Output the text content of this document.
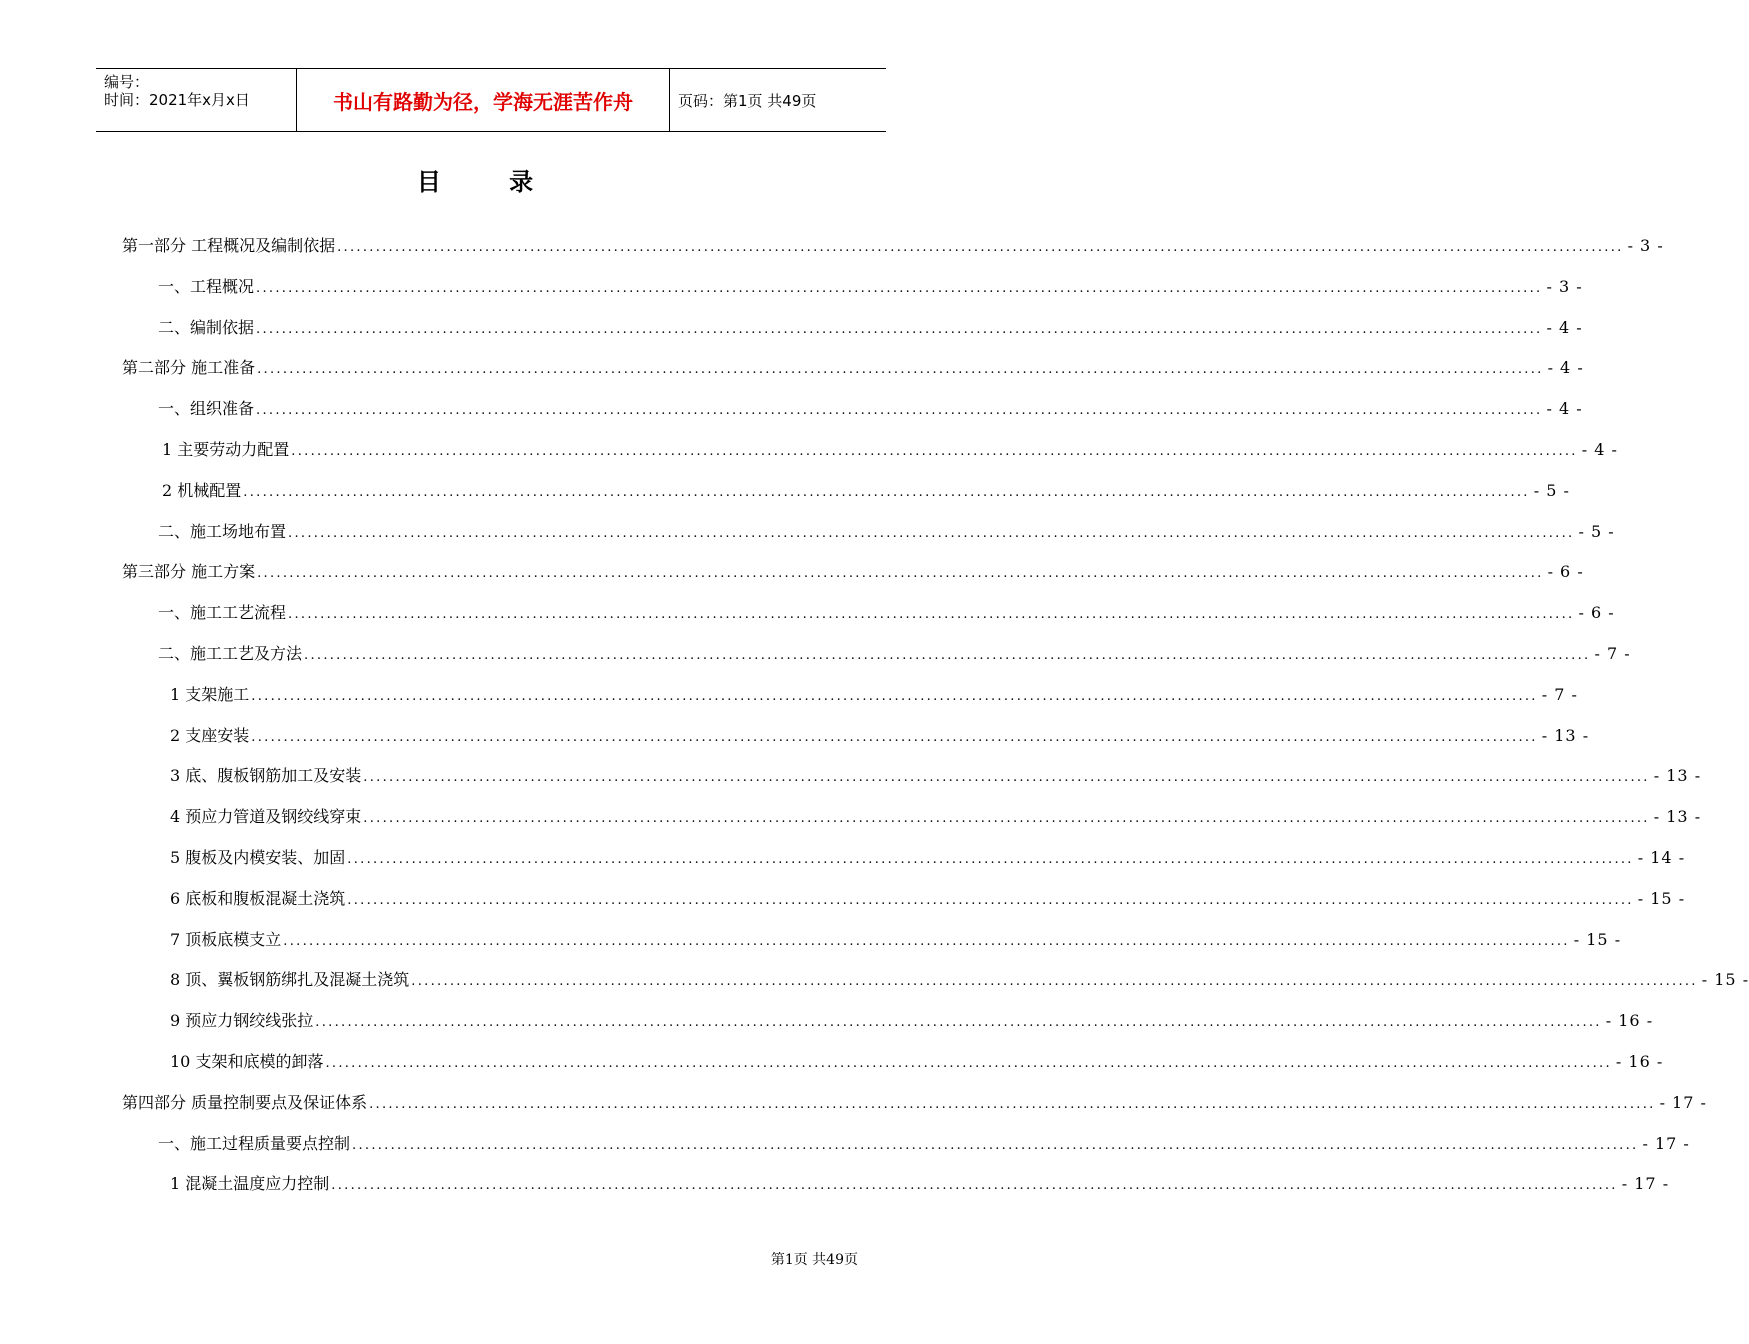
编号：
时间：2021年x月x日	书山有路勤为径，学海无涯苦作舟	页码：第1页 共49页
目 录
第一部分 工程概况及编制依据 ........................................................................................................................................................................................................ - 3 -
一、工程概况 ........................................................................................................................................................................................................ - 3 -
二、编制依据 ........................................................................................................................................................................................................ - 4 -
第二部分 施工准备 ........................................................................................................................................................................................................ - 4 -
一、组织准备 ........................................................................................................................................................................................................ - 4 -
1 主要劳动力配置 ........................................................................................................................................................................................................ - 4 -
2 机械配置 ........................................................................................................................................................................................................ - 5 -
二、施工场地布置 ........................................................................................................................................................................................................ - 5 -
第三部分 施工方案 ........................................................................................................................................................................................................ - 6 -
一、施工工艺流程 ........................................................................................................................................................................................................ - 6 -
二、施工工艺及方法 ........................................................................................................................................................................................................ - 7 -
1 支架施工 ........................................................................................................................................................................................................ - 7 -
2 支座安装 ........................................................................................................................................................................................................ - 13 -
3 底、腹板钢筋加工及安装 ........................................................................................................................................................................................................ - 13 -
4 预应力管道及钢绞线穿束 ........................................................................................................................................................................................................ - 13 -
5 腹板及内模安装、加固 ........................................................................................................................................................................................................ - 14 -
6 底板和腹板混凝土浇筑 ........................................................................................................................................................................................................ - 15 -
7 顶板底模支立 ........................................................................................................................................................................................................ - 15 -
8 顶、翼板钢筋绑扎及混凝土浇筑 ........................................................................................................................................................................................................ - 15 -
9 预应力钢绞线张拉 ........................................................................................................................................................................................................ - 16 -
10 支架和底模的卸落 ........................................................................................................................................................................................................ - 16 -
第四部分 质量控制要点及保证体系 ........................................................................................................................................................................................................ - 17 -
一、施工过程质量要点控制 ........................................................................................................................................................................................................ - 17 -
1 混凝土温度应力控制 ........................................................................................................................................................................................................ - 17 -
第1页 共49页
